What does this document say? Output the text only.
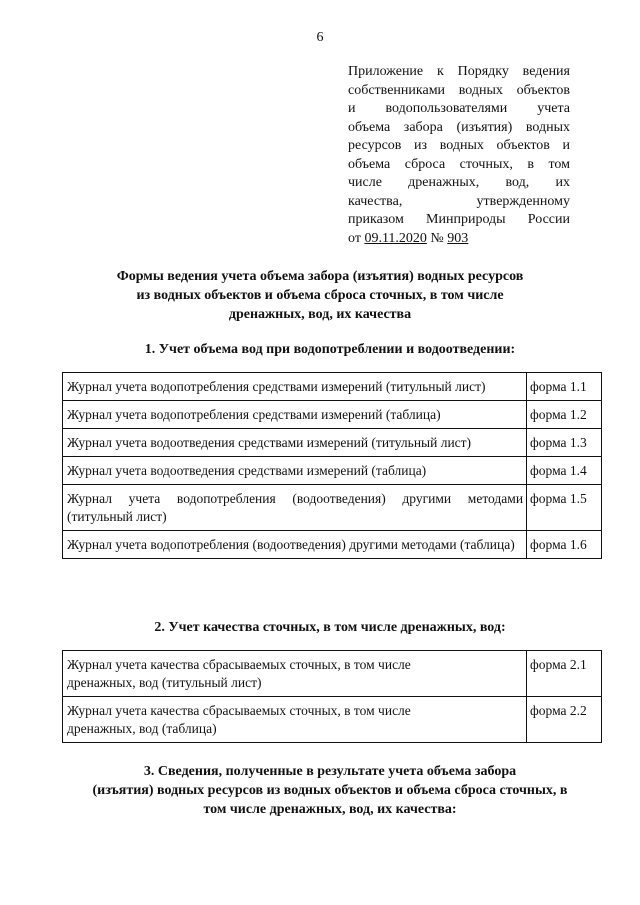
6
Приложение к Порядку ведения
собственниками водных объектов
и водопользователями учета
объема забора (изъятия) водных
ресурсов из водных объектов и
объема сброса сточных, в том
числе дренажных, вод, их
качества, утвержденному
приказом Минприроды России
от 09.11.2020 № 903
Формы ведения учета объема забора (изъятия) водных ресурсов
из водных объектов и объема сброса сточных, в том числе
дренажных, вод, их качества
1. Учет объема вод при водопотреблении и водоотведении:
Журнал учета водопотребления средствами измерений (титульный лист)	форма 1.1
Журнал учета водопотребления средствами измерений (таблица)	форма 1.2
Журнал учета водоотведения средствами измерений (титульный лист)	форма 1.3
Журнал учета водоотведения средствами измерений (таблица)	форма 1.4
Журнал учета водопотребления (водоотведения) другими методами (титульный лист)	форма 1.5
Журнал учета водопотребления (водоотведения) другими методами (таблица)	форма 1.6
2. Учет качества сточных, в том числе дренажных, вод:
Журнал учета качества сбрасываемых сточных, в том числе
дренажных, вод (титульный лист)	форма 2.1

Журнал учета качества сбрасываемых сточных, в том числе
дренажных, вод (таблица)	форма 2.2
3. Сведения, полученные в результате учета объема забора
(изъятия) водных ресурсов из водных объектов и объема сброса сточных, в
том числе дренажных, вод, их качества:
